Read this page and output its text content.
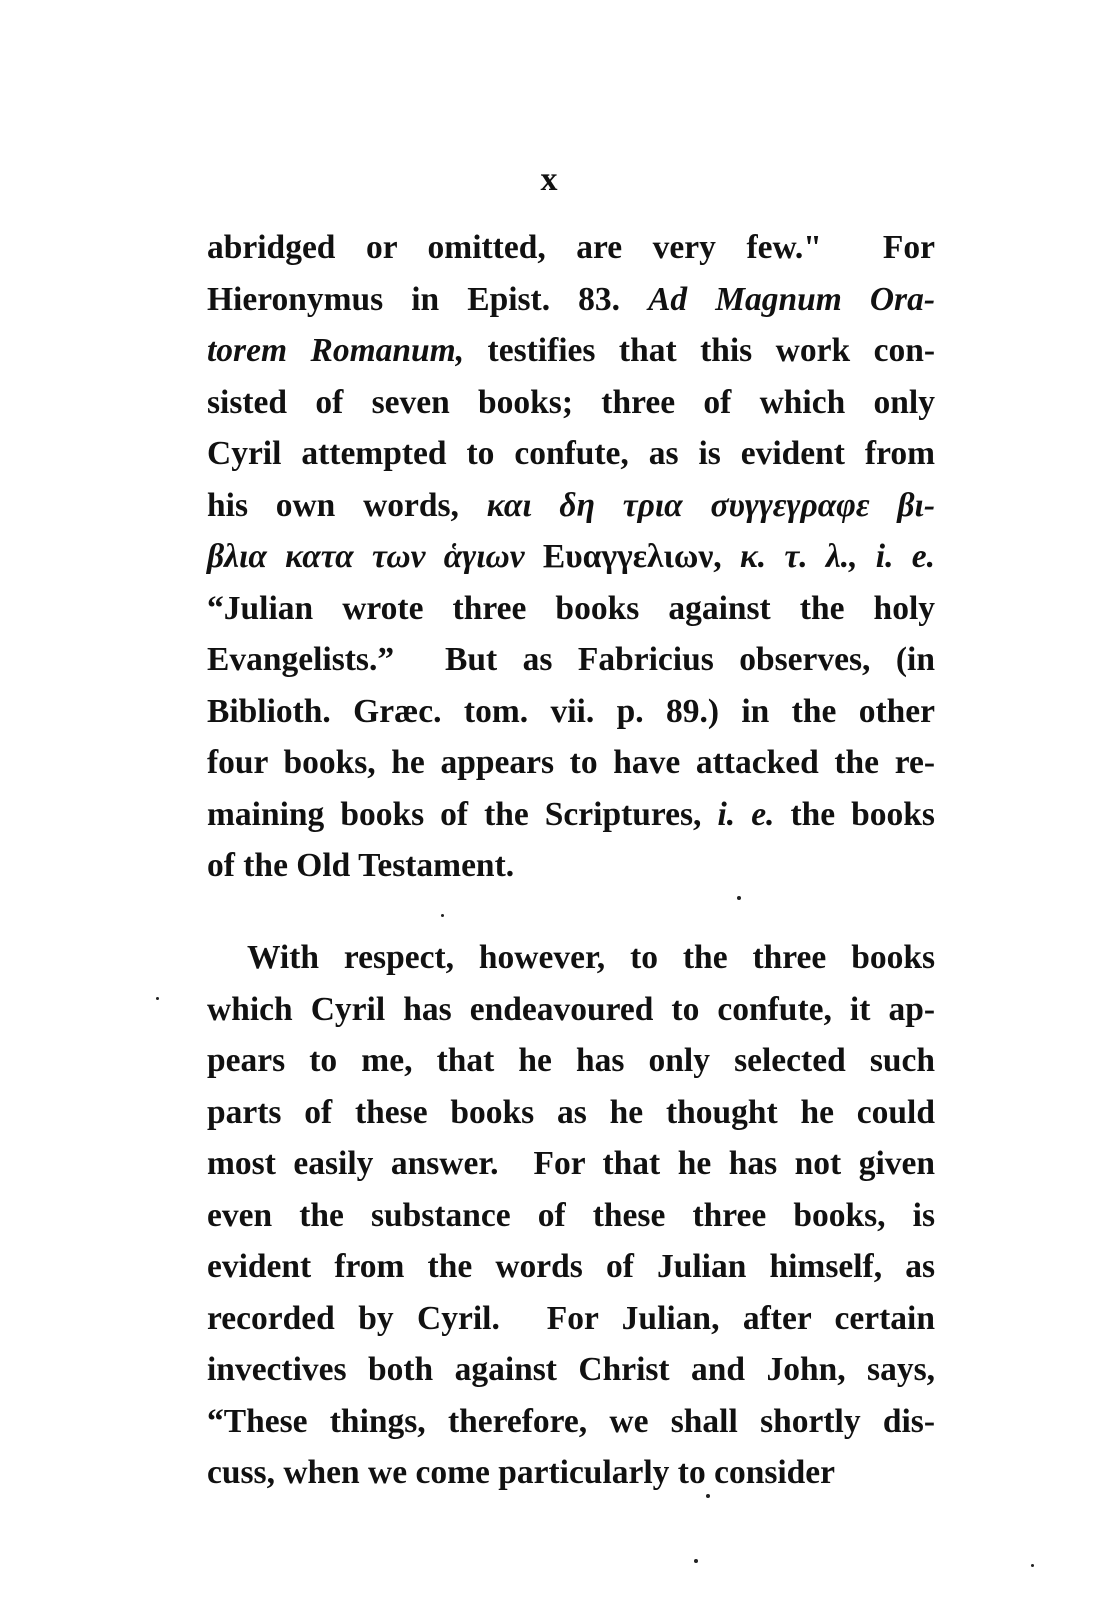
x
abridged or omitted, are very few."  For
Hieronymus in Epist. 83. Ad Magnum Ora-
torem Romanum, testifies that this work con-
sisted of seven books; three of which only
Cyril attempted to confute, as is evident from
his own words, και δη τρια συγγεγραφε βι-
βλια κατα των ἁγιων Ευαγγελιων, κ. τ. λ., i. e.
“Julian wrote three books against the holy
Evangelists.”  But as Fabricius observes, (in
Biblioth. Græc. tom. vii. p. 89.) in the other
four books, he appears to have attacked the re-
maining books of the Scriptures, i. e. the books
of the Old Testament.
With respect, however, to the three books
which Cyril has endeavoured to confute, it ap-
pears to me, that he has only selected such
parts of these books as he thought he could
most easily answer.  For that he has not given
even the substance of these three books, is
evident from the words of Julian himself, as
recorded by Cyril.  For Julian, after certain
invectives both against Christ and John, says,
“These things, therefore, we shall shortly dis-
cuss, when we come particularly to consider
